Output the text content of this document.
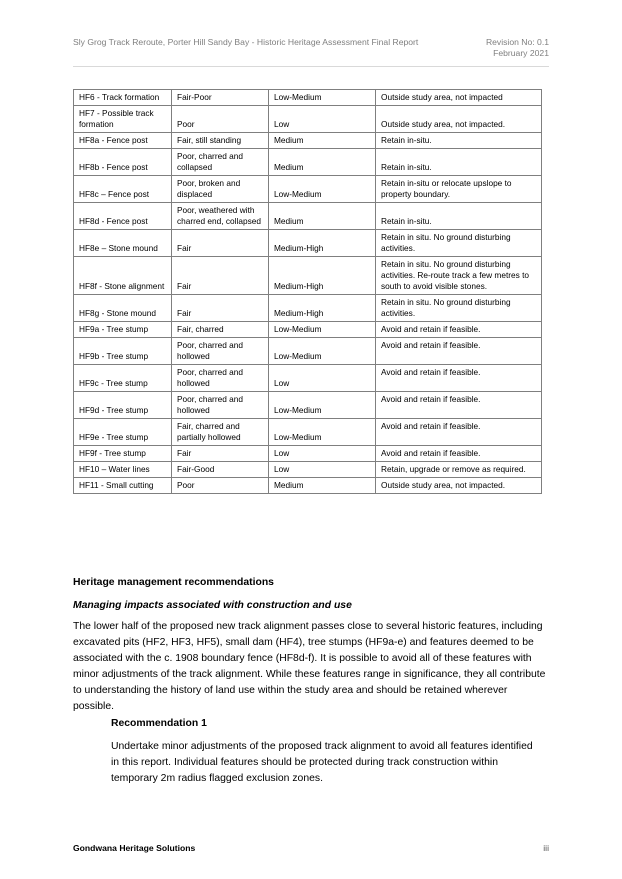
Sly Grog Track Reroute, Porter Hill Sandy Bay - Historic Heritage Assessment Final Report	Revision No: 0.1
February 2021
HF6 - Track formation	Fair-Poor	Low-Medium	Outside study area, not impacted
HF7 - Possible track formation	Poor	Low	Outside study area, not impacted.
HF8a - Fence post	Fair, still standing	Medium	Retain in-situ.
HF8b - Fence post	Poor, charred and collapsed	Medium	Retain in-situ.
HF8c – Fence post	Poor, broken and displaced	Low-Medium	Retain in-situ or relocate upslope to property boundary.
HF8d - Fence post	Poor, weathered with charred end, collapsed	Medium	Retain in-situ.
HF8e – Stone mound	Fair	Medium-High	Retain in situ. No ground disturbing activities.
HF8f - Stone alignment	Fair	Medium-High	Retain in situ. No ground disturbing activities. Re-route track a few metres to south to avoid visible stones.
HF8g - Stone mound	Fair	Medium-High	Retain in situ. No ground disturbing activities.
HF9a - Tree stump	Fair, charred	Low-Medium	Avoid and retain if feasible.
HF9b - Tree stump	Poor, charred and hollowed	Low-Medium	Avoid and retain if feasible.
HF9c - Tree stump	Poor, charred and hollowed	Low	Avoid and retain if feasible.
HF9d - Tree stump	Poor, charred and hollowed	Low-Medium	Avoid and retain if feasible.
HF9e - Tree stump	Fair, charred and partially hollowed	Low-Medium	Avoid and retain if feasible.
HF9f - Tree stump	Fair	Low	Avoid and retain if feasible.
HF10 – Water lines	Fair-Good	Low	Retain, upgrade or remove as required.
HF11 - Small cutting	Poor	Medium	Outside study area, not impacted.
Heritage management recommendations
Managing impacts associated with construction and use
The lower half of the proposed new track alignment passes close to several historic features, including excavated pits (HF2, HF3, HF5), small dam (HF4), tree stumps (HF9a-e) and features deemed to be associated with the c. 1908 boundary fence (HF8d-f). It is possible to avoid all of these features with minor adjustments of the track alignment. While these features range in significance, they all contribute to understanding the history of land use within the study area and should be retained wherever possible.
Recommendation 1
Undertake minor adjustments of the proposed track alignment to avoid all features identified in this report. Individual features should be protected during track construction within temporary 2m radius flagged exclusion zones.
Gondwana Heritage Solutions	iii
